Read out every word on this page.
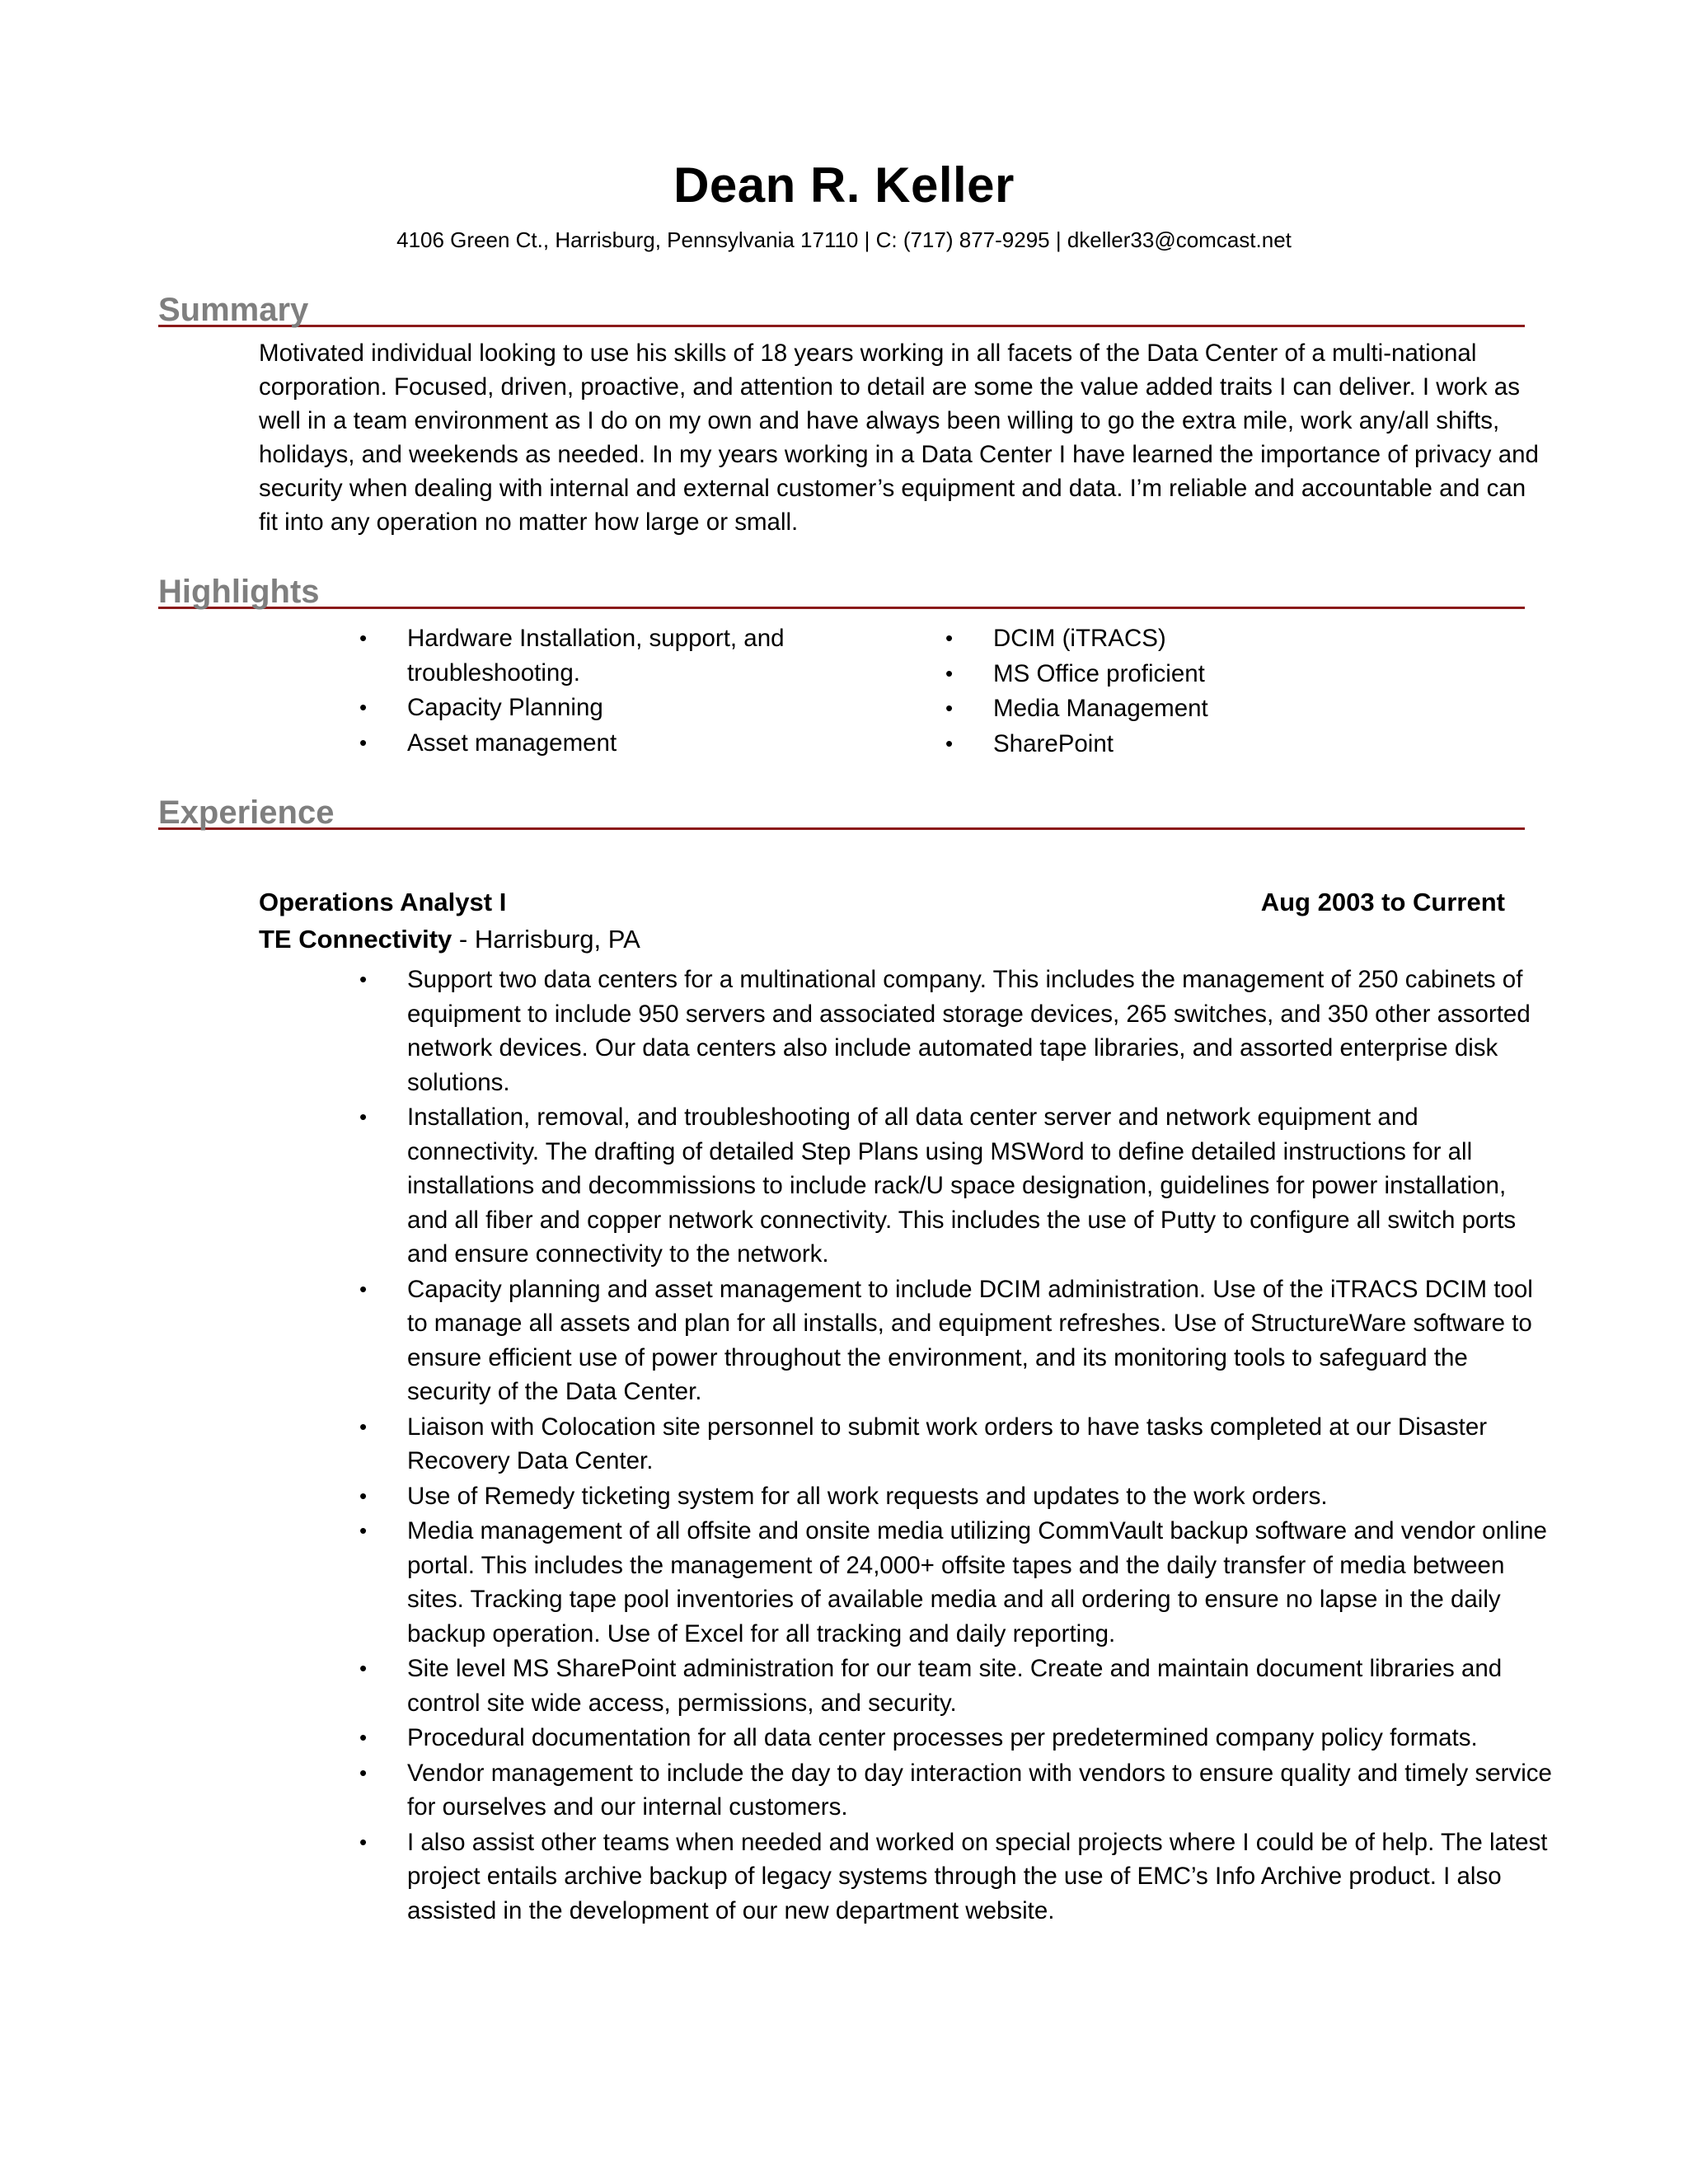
Dean R. Keller
4106 Green Ct., Harrisburg, Pennsylvania 17110 | C: (717) 877-9295 | dkeller33@comcast.net
Summary
Motivated individual looking to use his skills of 18 years working in all facets of the Data Center of a multi-national corporation. Focused, driven, proactive, and attention to detail are some the value added traits I can deliver. I work as well in a team environment as I do on my own and have always been willing to go the extra mile, work any/all shifts, holidays, and weekends as needed. In my years working in a Data Center I have learned the importance of privacy and security when dealing with internal and external customer’s equipment and data. I’m reliable and accountable and can fit into any operation no matter how large or small.
Highlights
• Hardware Installation, support, and troubleshooting.
• Capacity Planning
• Asset management
• DCIM (iTRACS)
• MS Office proficient
• Media Management
• SharePoint
Experience
Operations Analyst I	Aug 2003 to Current
TE Connectivity - Harrisburg, PA
• Support two data centers for a multinational company. This includes the management of 250 cabinets of equipment to include 950 servers and associated storage devices, 265 switches, and 350 other assorted network devices. Our data centers also include automated tape libraries, and assorted enterprise disk solutions.
• Installation, removal, and troubleshooting of all data center server and network equipment and connectivity. The drafting of detailed Step Plans using MSWord to define detailed instructions for all installations and decommissions to include rack/U space designation, guidelines for power installation, and all fiber and copper network connectivity. This includes the use of Putty to configure all switch ports and ensure connectivity to the network.
• Capacity planning and asset management to include DCIM administration. Use of the iTRACS DCIM tool to manage all assets and plan for all installs, and equipment refreshes. Use of StructureWare software to ensure efficient use of power throughout the environment, and its monitoring tools to safeguard the security of the Data Center.
• Liaison with Colocation site personnel to submit work orders to have tasks completed at our Disaster Recovery Data Center.
• Use of Remedy ticketing system for all work requests and updates to the work orders.
• Media management of all offsite and onsite media utilizing CommVault backup software and vendor online portal. This includes the management of 24,000+ offsite tapes and the daily transfer of media between sites. Tracking tape pool inventories of available media and all ordering to ensure no lapse in the daily backup operation. Use of Excel for all tracking and daily reporting.
• Site level MS SharePoint administration for our team site. Create and maintain document libraries and control site wide access, permissions, and security.
• Procedural documentation for all data center processes per predetermined company policy formats.
• Vendor management to include the day to day interaction with vendors to ensure quality and timely service for ourselves and our internal customers.
• I also assist other teams when needed and worked on special projects where I could be of help. The latest project entails archive backup of legacy systems through the use of EMC’s Info Archive product. I also assisted in the development of our new department website.
